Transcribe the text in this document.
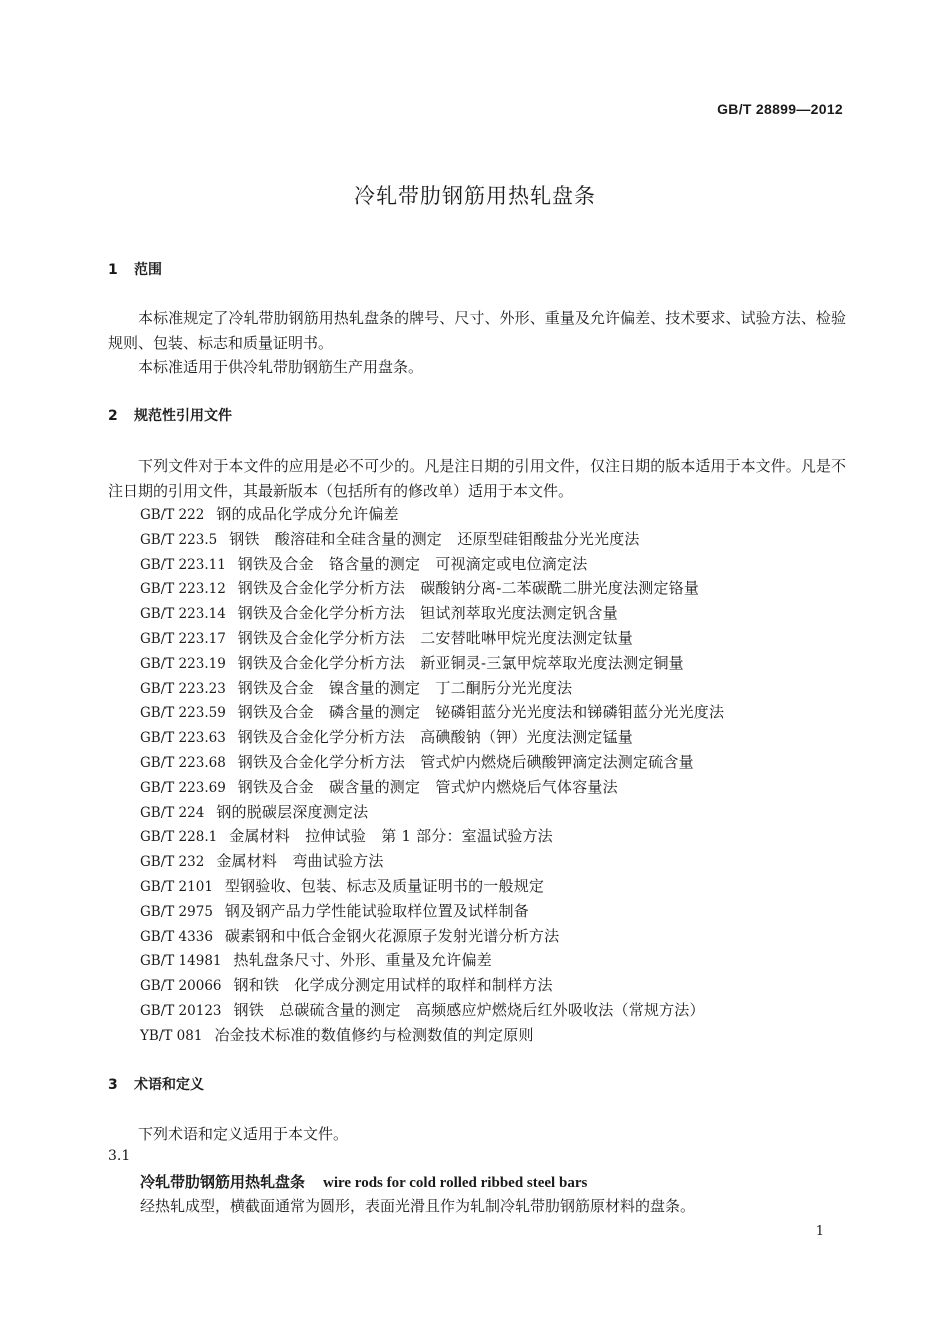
GB/T 28899—2012
冷轧带肋钢筋用热轧盘条
1 范围
本标准规定了冷轧带肋钢筋用热轧盘条的牌号、尺寸、外形、重量及允许偏差、技术要求、试验方法、检验规则、包装、标志和质量证明书。
本标准适用于供冷轧带肋钢筋生产用盘条。
2 规范性引用文件
下列文件对于本文件的应用是必不可少的。凡是注日期的引用文件，仅注日期的版本适用于本文件。凡是不注日期的引用文件，其最新版本（包括所有的修改单）适用于本文件。
GB/T 222 钢的成品化学成分允许偏差
GB/T 223.5 钢铁　酸溶硅和全硅含量的测定　还原型硅钼酸盐分光光度法
GB/T 223.11 钢铁及合金　铬含量的测定　可视滴定或电位滴定法
GB/T 223.12 钢铁及合金化学分析方法　碳酸钠分离-二苯碳酰二肼光度法测定铬量
GB/T 223.14 钢铁及合金化学分析方法　钽试剂萃取光度法测定钒含量
GB/T 223.17 钢铁及合金化学分析方法　二安替吡啉甲烷光度法测定钛量
GB/T 223.19 钢铁及合金化学分析方法　新亚铜灵-三氯甲烷萃取光度法测定铜量
GB/T 223.23 钢铁及合金　镍含量的测定　丁二酮肟分光光度法
GB/T 223.59 钢铁及合金　磷含量的测定　铋磷钼蓝分光光度法和锑磷钼蓝分光光度法
GB/T 223.63 钢铁及合金化学分析方法　高碘酸钠（钾）光度法测定锰量
GB/T 223.68 钢铁及合金化学分析方法　管式炉内燃烧后碘酸钾滴定法测定硫含量
GB/T 223.69 钢铁及合金　碳含量的测定　管式炉内燃烧后气体容量法
GB/T 224 钢的脱碳层深度测定法
GB/T 228.1 金属材料　拉伸试验　第 1 部分：室温试验方法
GB/T 232 金属材料　弯曲试验方法
GB/T 2101 型钢验收、包装、标志及质量证明书的一般规定
GB/T 2975 钢及钢产品力学性能试验取样位置及试样制备
GB/T 4336 碳素钢和中低合金钢火花源原子发射光谱分析方法
GB/T 14981 热轧盘条尺寸、外形、重量及允许偏差
GB/T 20066 钢和铁　化学成分测定用试样的取样和制样方法
GB/T 20123 钢铁　总碳硫含量的测定　高频感应炉燃烧后红外吸收法（常规方法）
YB/T 081 冶金技术标准的数值修约与检测数值的判定原则
3 术语和定义
下列术语和定义适用于本文件。
3.1
冷轧带肋钢筋用热轧盘条 wire rods for cold rolled ribbed steel bars
经热轧成型，横截面通常为圆形，表面光滑且作为轧制冷轧带肋钢筋原材料的盘条。
1
